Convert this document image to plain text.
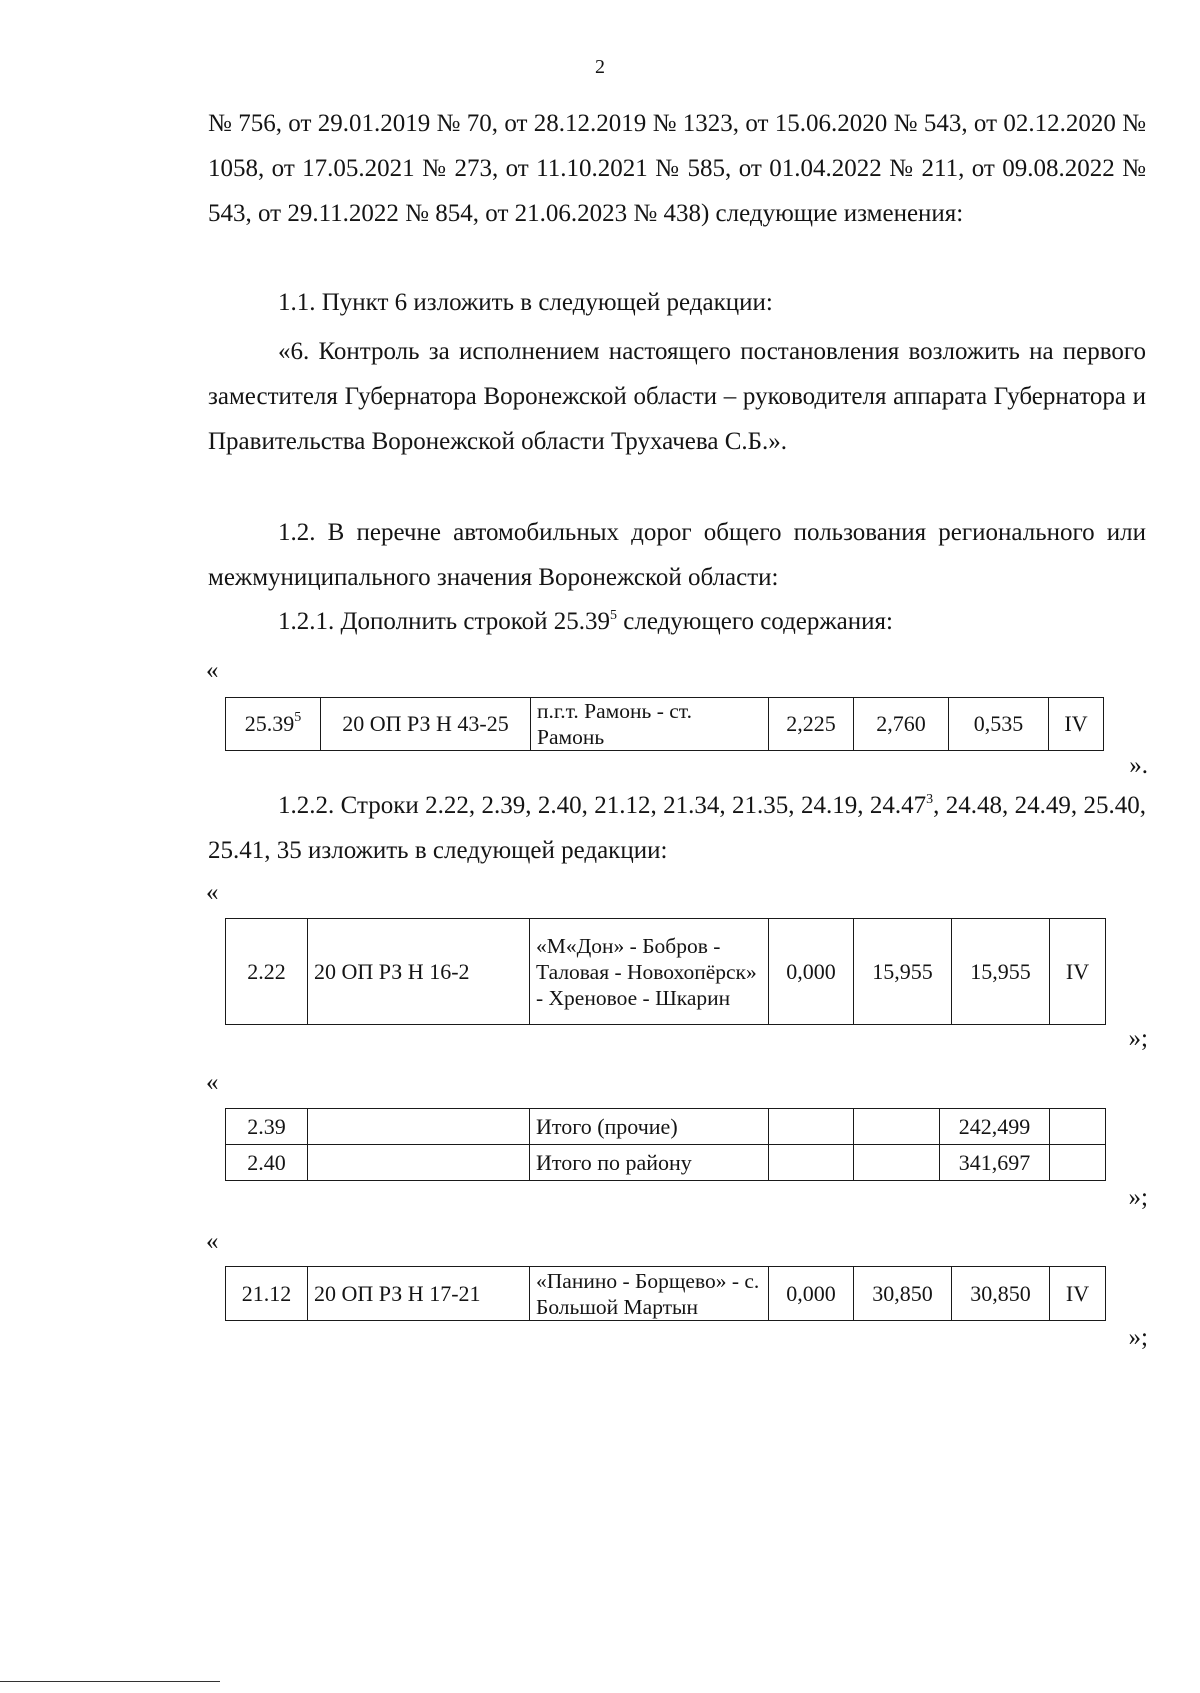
2

№ 756, от 29.01.2019 № 70, от 28.12.2019 № 1323, от 15.06.2020 № 543, от 02.12.2020 № 1058, от 17.05.2021 № 273, от 11.10.2021 № 585, от 01.04.2022 № 211, от 09.08.2022 № 543, от 29.11.2022 № 854, от 21.06.2023 № 438) следующие изменения:

1.1. Пункт 6 изложить в следующей редакции:

«6. Контроль за исполнением настоящего постановления возложить на первого заместителя Губернатора Воронежской области – руководителя аппарата Губернатора и Правительства Воронежской области Трухачева С.Б.».

1.2. В перечне автомобильных дорог общего пользования регионального или межмуниципального значения Воронежской области:

1.2.1. Дополнить строкой 25.39$^5$ следующего содержания:

«

25.39$^5$	20 ОП РЗ Н 43-25	п.г.т. Рамонь - ст. Рамонь	2,225	2,760	0,535	IV

».

1.2.2. Строки 2.22, 2.39, 2.40, 21.12, 21.34, 21.35, 24.19, 24.47$^3$, 24.48, 24.49, 25.40, 25.41, 35 изложить в следующей редакции:

«

2.22	20 ОП РЗ Н 16-2	«М«Дон» - Бобров - Таловая - Новохопёрск» - Хреновое - Шкарин	0,000	15,955	15,955	IV

»;

«

2.39		Итого (прочие)			242,499	
2.40		Итого по району			341,697	

»;

«

21.12	20 ОП РЗ Н 17-21	«Панино - Борщево» - с. Большой Мартын	0,000	30,850	30,850	IV

»;
